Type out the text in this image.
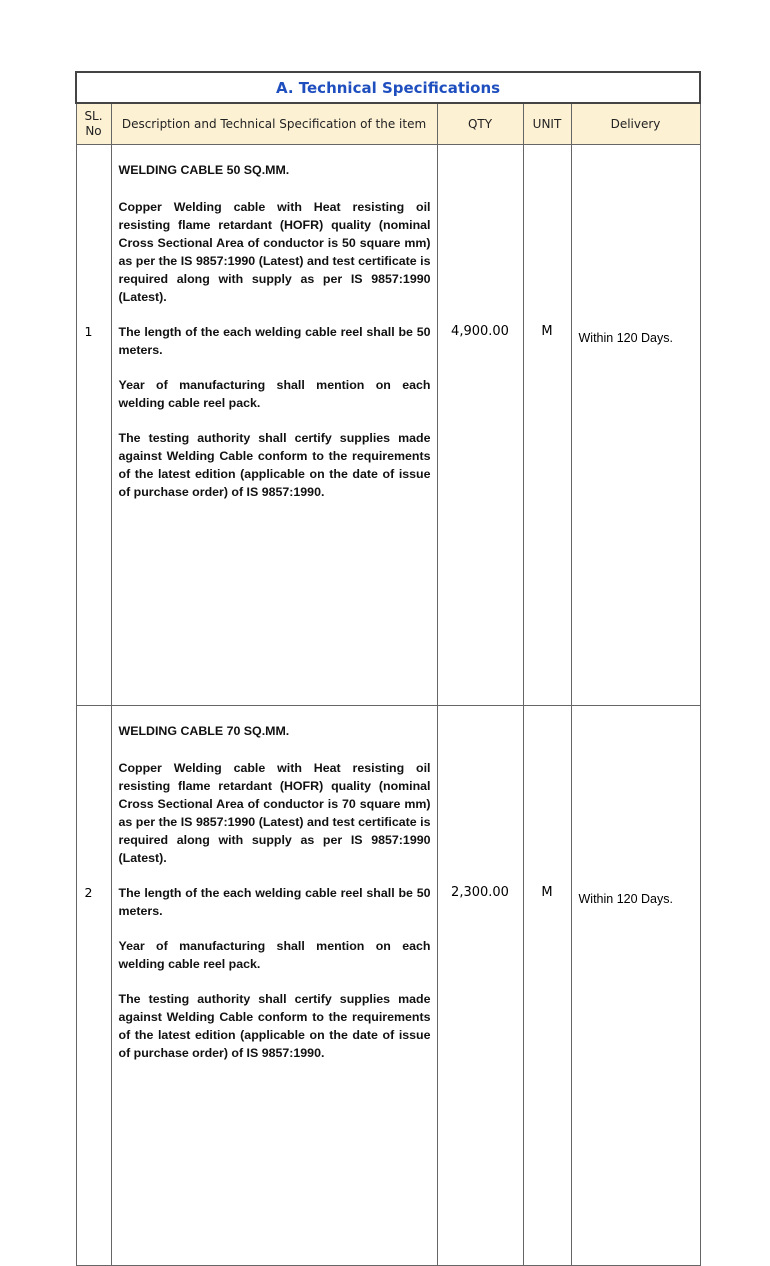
A. Technical Specifications				
SL. No	Description and Technical Specification of the item	QTY	UNIT	Delivery
1	WELDING CABLE 50 SQ.MM.

Copper Welding cable with Heat resisting oil resisting flame retardant (HOFR) quality (nominal Cross Sectional Area of conductor is 50 square mm) as per the IS 9857:1990 (Latest) and test certificate is required along with supply as per IS 9857:1990 (Latest).

The length of the each welding cable reel shall be 50 meters.

Year of manufacturing shall mention on each welding cable reel pack.

The testing authority shall certify supplies made against Welding Cable conform to the requirements of the latest edition (applicable on the date of issue of purchase order) of IS 9857:1990.	4,900.00	M	Within 120 Days.
2	WELDING CABLE 70 SQ.MM.

Copper Welding cable with Heat resisting oil resisting flame retardant (HOFR) quality (nominal Cross Sectional Area of conductor is 70 square mm) as per the IS 9857:1990 (Latest) and test certificate is required along with supply as per IS 9857:1990 (Latest).

The length of the each welding cable reel shall be 50 meters.

Year of manufacturing shall mention on each welding cable reel pack.

The testing authority shall certify supplies made against Welding Cable conform to the requirements of the latest edition (applicable on the date of issue of purchase order) of IS 9857:1990.	2,300.00	M	Within 120 Days.
